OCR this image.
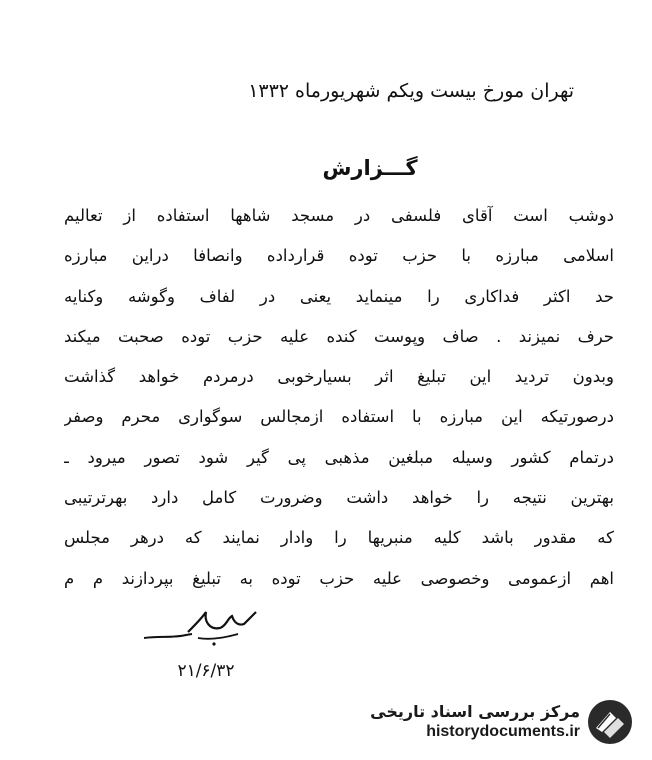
تهران مورخ بیست ویکم شهریورماه ۱۳۳۲
گـــزارش
دوشب است آقای فلسفی در مسجد شاهها استفاده از تعالیم
اسلامی مبارزه با حزب توده قرارداده وانصافا دراین مبارزه
حد اکثر فداکاری را مینماید یعنی در لفاف وگوشه وکنایه
حرف نمیزند . صاف وپوست کنده علیه حزب توده صحبت میکند
وبدون تردید این تبلیغ اثر بسیارخوبی درمردم خواهد گذاشت
درصورتیکه این مبارزه با استفاده ازمجالس سوگواری محرم وصفر
درتمام کشور وسیله مبلغین مذهبی پی گیر شود تصور میرود ـ
بهترین نتیجه را خواهد داشت وضرورت کامل دارد بهرترتیبی
که مقدور باشد کلیه منبریها را وادار نمایند که درهر مجلس
اهم ازعمومی وخصوصی علیه حزب توده به تبلیغ بپردازند م م
۲۱/۶/۳۲
مرکز بررسی اسناد تاریخی
historydocuments.ir
